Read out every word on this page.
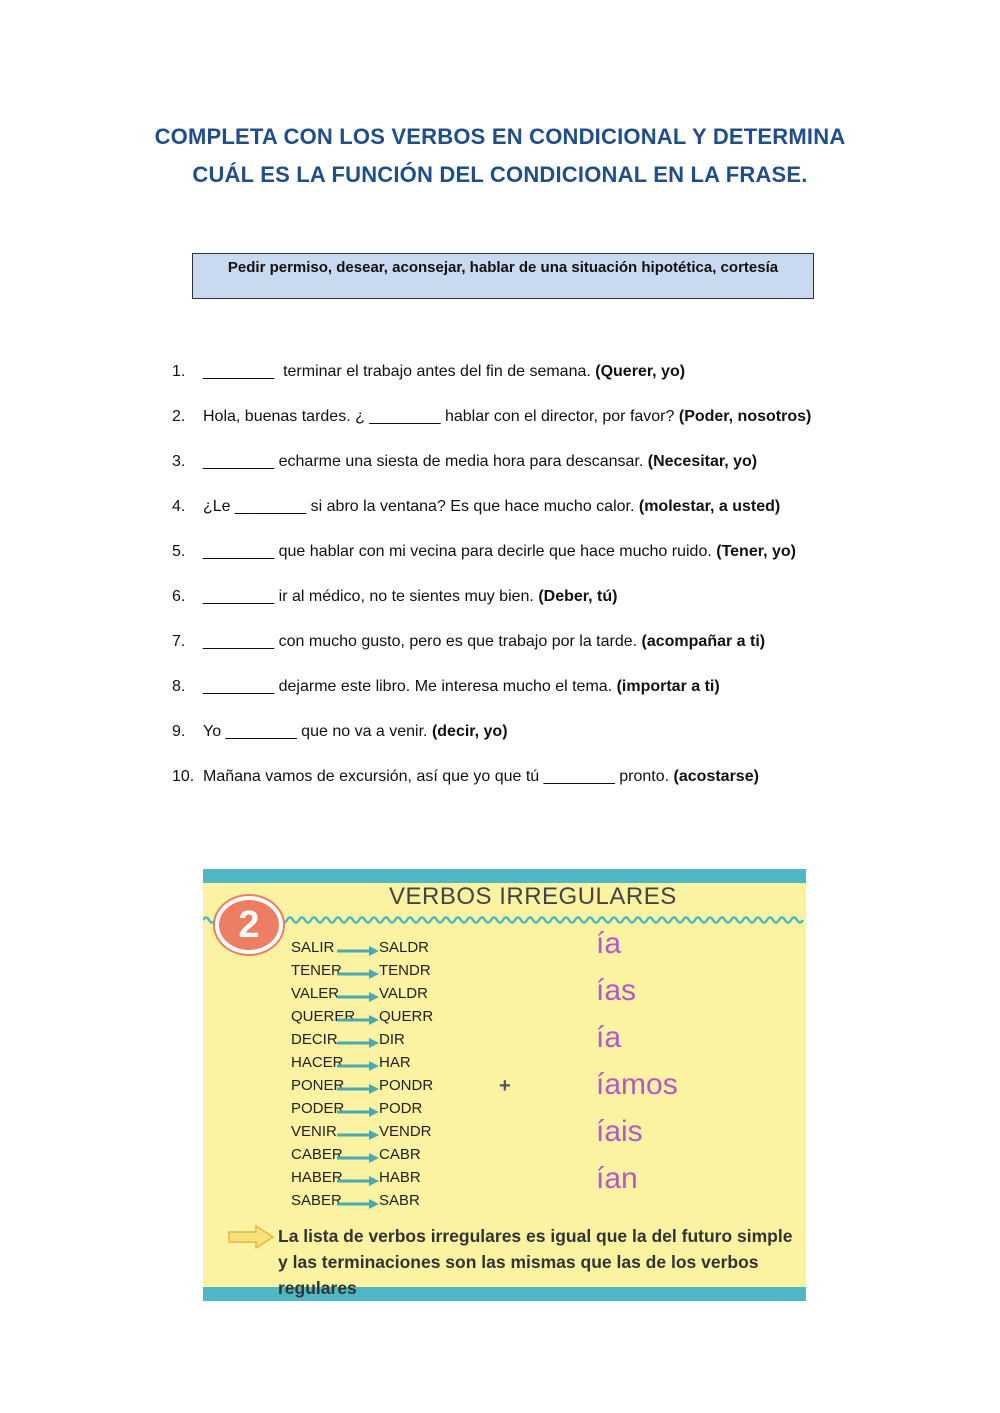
COMPLETA CON LOS VERBOS EN CONDICIONAL Y DETERMINA
CUÁL ES LA FUNCIÓN DEL CONDICIONAL EN LA FRASE.
Pedir permiso, desear, aconsejar, hablar de una situación hipotética, cortesía
1.	________  terminar el trabajo antes del fin de semana. (Querer, yo)
2.	Hola, buenas tardes. ¿ ________ hablar con el director, por favor? (Poder, nosotros)
3.	________ echarme una siesta de media hora para descansar. (Necesitar, yo)
4.	¿Le ________ si abro la ventana? Es que hace mucho calor. (molestar, a usted)
5.	________ que hablar con mi vecina para decirle que hace mucho ruido. (Tener, yo)
6.	________ ir al médico, no te sientes muy bien. (Deber, tú)
7.	________ con mucho gusto, pero es que trabajo por la tarde. (acompañar a ti)
8.	________ dejarme este libro. Me interesa mucho el tema. (importar a ti)
9.	Yo ________ que no va a venir. (decir, yo)
10. Mañana vamos de excursión, así que yo que tú ________ pronto. (acostarse)
2
VERBOS IRREGULARES
SALIR	SALDR
TENER TENDR
VALER	VALDR
QUERER QUERR
DECIR	DIR
HACER HAR
PONER PONDR
PODER PODR
VENIR	VENDR
CABER CABR
HABER HABR
SABER SABR
+
ía
ías
ía
íamos
íais
ían
La lista de verbos irregulares es igual que la del futuro simple y las terminaciones son las mismas que las de los verbos regulares
